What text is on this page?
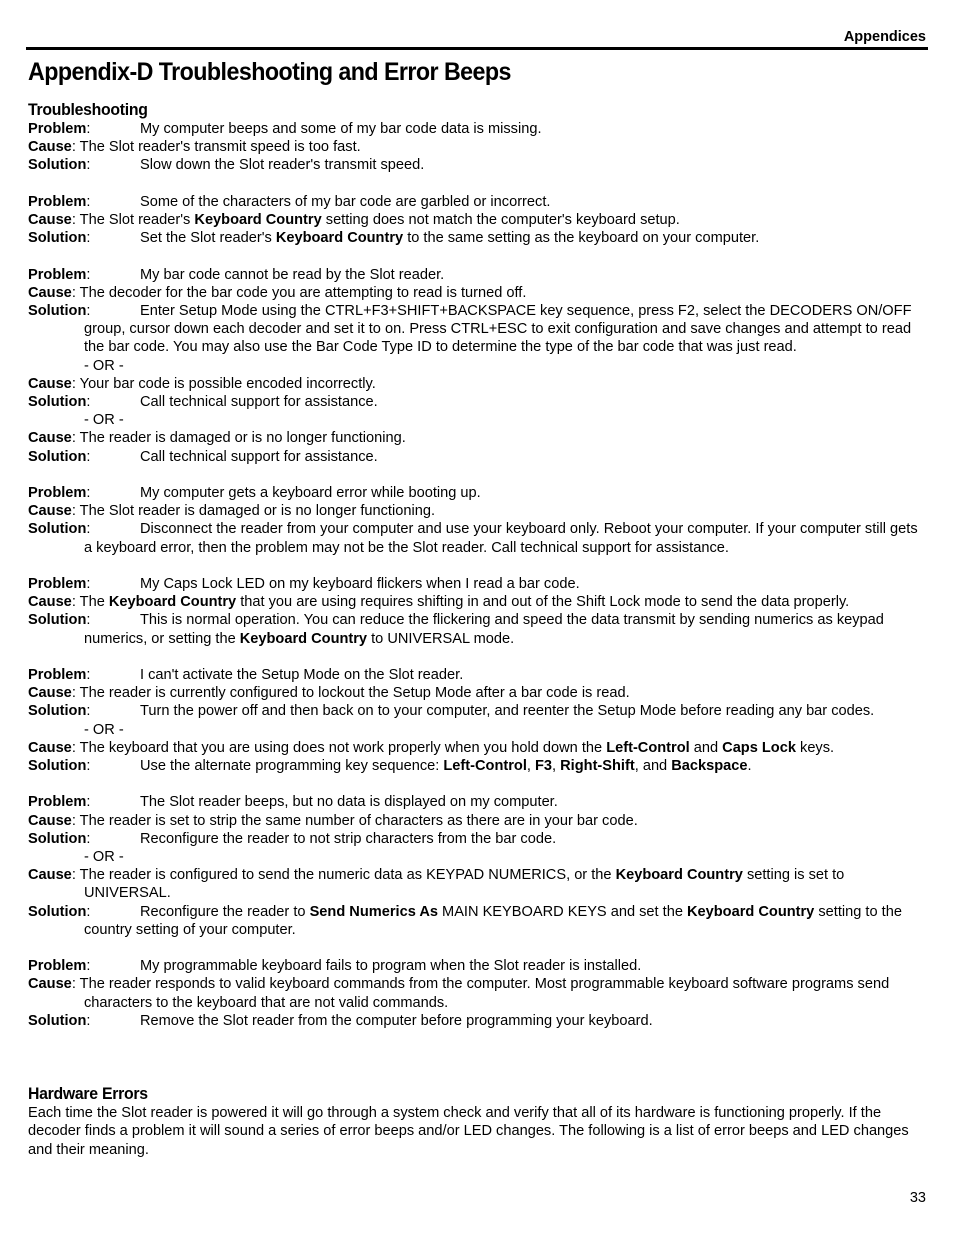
Appendices
Appendix-D Troubleshooting and Error Beeps
Troubleshooting
Problem:	My computer beeps and some of my bar code data is missing.
Cause: The Slot reader's transmit speed is too fast.
Solution:	Slow down the Slot reader's transmit speed.
Problem:	Some of the characters of my bar code are garbled or incorrect.
Cause: The Slot reader's Keyboard Country setting does not match the computer's keyboard setup.
Solution:	Set the Slot reader's Keyboard Country to the same setting as the keyboard on your computer.
Problem:	My bar code cannot be read by the Slot reader.
Cause: The decoder for the bar code you are attempting to read is turned off.
Solution:	Enter Setup Mode using the CTRL+F3+SHIFT+BACKSPACE key sequence, press F2, select the DECODERS ON/OFF group, cursor down each decoder and set it to on. Press CTRL+ESC to exit configuration and save changes and attempt to read the bar code. You may also use the Bar Code Type ID to determine the type of the bar code that was just read.
- OR -
Cause: Your bar code is possible encoded incorrectly.
Solution:	Call technical support for assistance.
- OR -
Cause: The reader is damaged or is no longer functioning.
Solution:	Call technical support for assistance.
Problem:	My computer gets a keyboard error while booting up.
Cause: The Slot reader is damaged or is no longer functioning.
Solution:	Disconnect the reader from your computer and use your keyboard only. Reboot your computer. If your computer still gets a keyboard error, then the problem may not be the Slot reader. Call technical support for assistance.
Problem:	My Caps Lock LED on my keyboard flickers when I read a bar code.
Cause: The Keyboard Country that you are using requires shifting in and out of the Shift Lock mode to send the data properly.
Solution:	This is normal operation. You can reduce the flickering and speed the data transmit by sending numerics as keypad numerics, or setting the Keyboard Country to UNIVERSAL mode.
Problem:	I can't activate the Setup Mode on the Slot reader.
Cause: The reader is currently configured to lockout the Setup Mode after a bar code is read.
Solution:	Turn the power off and then back on to your computer, and reenter the Setup Mode before reading any bar codes.
- OR -
Cause: The keyboard that you are using does not work properly when you hold down the Left-Control and Caps Lock keys.
Solution:	Use the alternate programming key sequence: Left-Control, F3, Right-Shift, and Backspace.
Problem:	The Slot reader beeps, but no data is displayed on my computer.
Cause: The reader is set to strip the same number of characters as there are in your bar code.
Solution:	Reconfigure the reader to not strip characters from the bar code.
- OR -
Cause: The reader is configured to send the numeric data as KEYPAD NUMERICS, or the Keyboard Country setting is set to UNIVERSAL.
Solution:	Reconfigure the reader to Send Numerics As MAIN KEYBOARD KEYS and set the Keyboard Country setting to the country setting of your computer.
Problem:	My programmable keyboard fails to program when the Slot reader is installed.
Cause: The reader responds to valid keyboard commands from the computer. Most programmable keyboard software programs send characters to the keyboard that are not valid commands.
Solution:	Remove the Slot reader from the computer before programming your keyboard.
Hardware Errors

Each time the Slot reader is powered it will go through a system check and verify that all of its hardware is functioning properly. If the decoder finds a problem it will sound a series of error beeps and/or LED changes. The following is a list of error beeps and LED changes and their meaning.

33
